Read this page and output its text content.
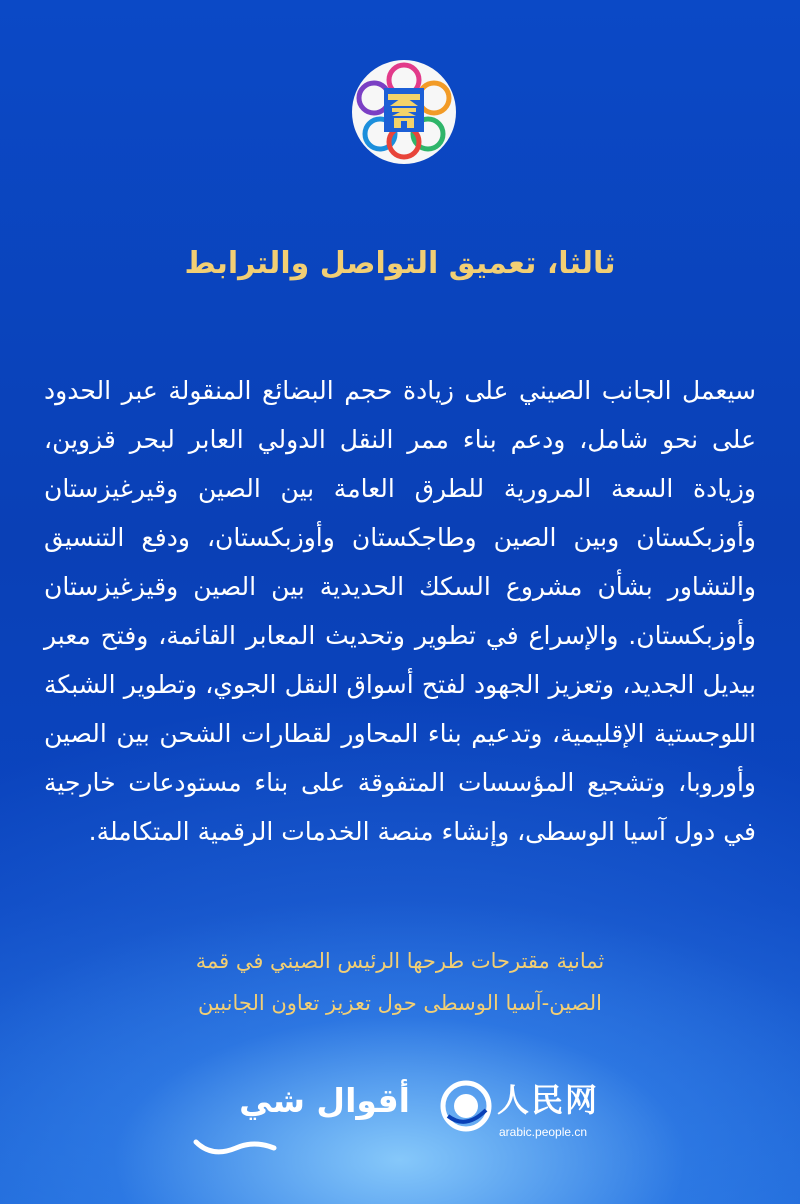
ثالثا، تعميق التواصل والترابط
سيعمل الجانب الصيني على زيادة حجم البضائع المنقولة عبر الحدود على نحو شامل، ودعم بناء ممر النقل الدولي العابر لبحر قزوين، وزيادة السعة المرورية للطرق العامة بين الصين وقيرغيزستان وأوزبكستان وبين الصين وطاجكستان وأوزبكستان، ودفع التنسيق والتشاور بشأن مشروع السكك الحديدية بين الصين وقيزغيزستان وأوزبكستان. والإسراع في تطوير وتحديث المعابر القائمة، وفتح معبر بيديل الجديد، وتعزيز الجهود لفتح أسواق النقل الجوي، وتطوير الشبكة اللوجستية الإقليمية، وتدعيم بناء المحاور لقطارات الشحن بين الصين وأوروبا، وتشجيع المؤسسات المتفوقة على بناء مستودعات خارجية في دول آسيا الوسطى، وإنشاء منصة الخدمات الرقمية المتكاملة.
ثمانية مقترحات طرحها الرئيس الصيني في قمة
الصين-آسيا الوسطى حول تعزيز تعاون الجانبين
أقوال شي	人民网
arabic.people.cn
